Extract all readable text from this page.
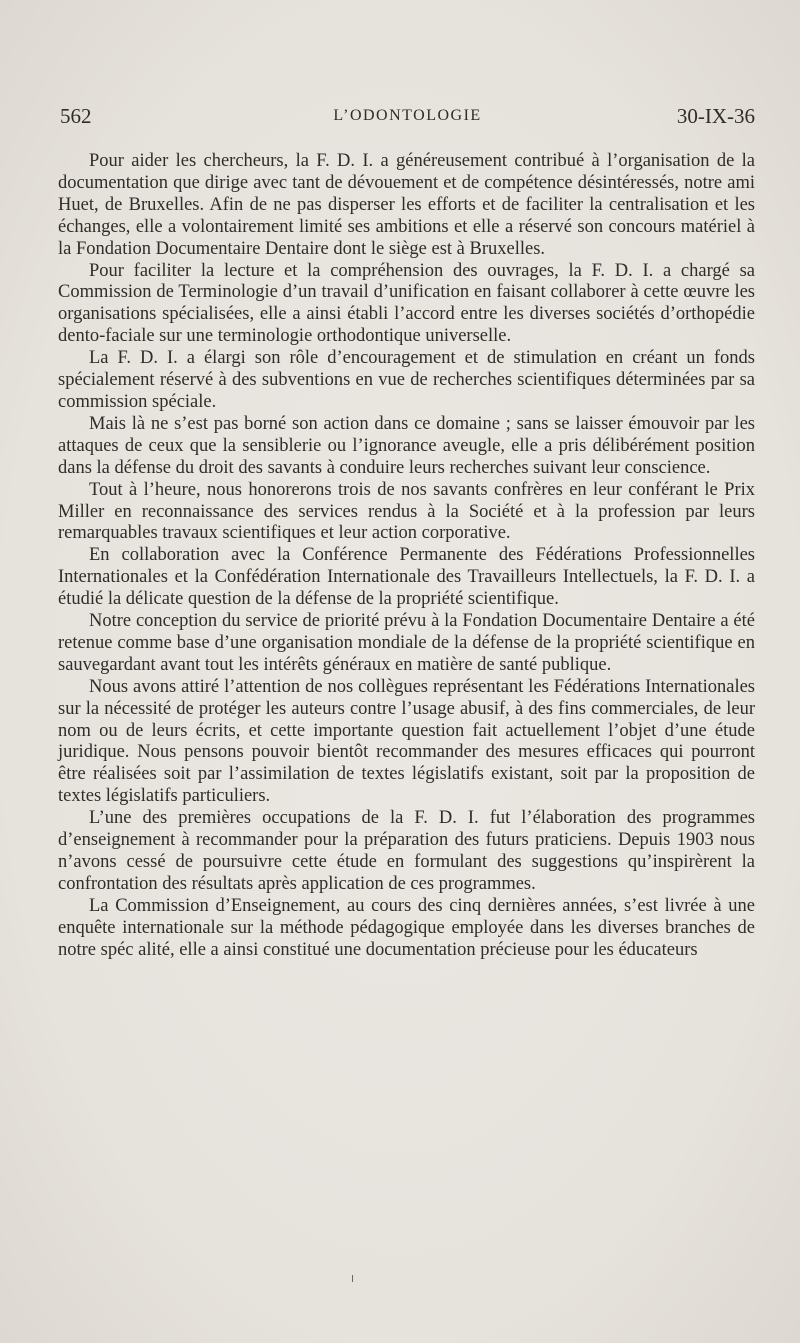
562	L’ODONTOLOGIE	30-IX-36

Pour aider les chercheurs, la F. D. I. a généreusement contribué à l’organisation de la documentation que dirige avec tant de dévouement et de compétence désintéressés, notre ami Huet, de Bruxelles. Afin de ne pas disperser les efforts et de faciliter la centralisation et les échanges, elle a volontairement limité ses ambitions et elle a réservé son concours matériel à la Fondation Documentaire Dentaire dont le siège est à Bruxelles.

Pour faciliter la lecture et la compréhension des ouvrages, la F. D. I. a chargé sa Commission de Terminologie d’un travail d’unification en faisant collaborer à cette œuvre les organisations spécialisées, elle a ainsi établi l’accord entre les diverses sociétés d’orthopédie dento-faciale sur une terminologie orthodontique universelle.

La F. D. I. a élargi son rôle d’encouragement et de stimulation en créant un fonds spécialement réservé à des subventions en vue de recherches scientifiques déterminées par sa commission spéciale.

Mais là ne s’est pas borné son action dans ce domaine ; sans se laisser émouvoir par les attaques de ceux que la sensiblerie ou l’ignorance aveugle, elle a pris délibérément position dans la défense du droit des savants à conduire leurs recherches suivant leur conscience.

Tout à l’heure, nous honorerons trois de nos savants confrères en leur conférant le Prix Miller en reconnaissance des services rendus à la Société et à la profession par leurs remarquables travaux scientifiques et leur action corporative.

En collaboration avec la Conférence Permanente des Fédérations Professionnelles Internationales et la Confédération Internationale des Travailleurs Intellectuels, la F. D. I. a étudié la délicate question de la défense de la propriété scientifique.

Notre conception du service de priorité prévu à la Fondation Documentaire Dentaire a été retenue comme base d’une organisation mondiale de la défense de la propriété scientifique en sauvegardant avant tout les intérêts généraux en matière de santé publique.

Nous avons attiré l’attention de nos collègues représentant les Fédérations Internationales sur la nécessité de protéger les auteurs contre l’usage abusif, à des fins commerciales, de leur nom ou de leurs écrits, et cette importante question fait actuellement l’objet d’une étude juridique. Nous pensons pouvoir bientôt recommander des mesures efficaces qui pourront être réalisées soit par l’assimilation de textes législatifs existant, soit par la proposition de textes législatifs particuliers.

L’une des premières occupations de la F. D. I. fut l’élaboration des programmes d’enseignement à recommander pour la préparation des futurs praticiens. Depuis 1903 nous n’avons cessé de poursuivre cette étude en formulant des suggestions qu’inspirèrent la confrontation des résultats après application de ces programmes.

La Commission d’Enseignement, au cours des cinq dernières années, s’est livrée à une enquête internationale sur la méthode pédagogique employée dans les diverses branches de notre spéc alité, elle a ainsi constitué une documentation précieuse pour les éducateurs
